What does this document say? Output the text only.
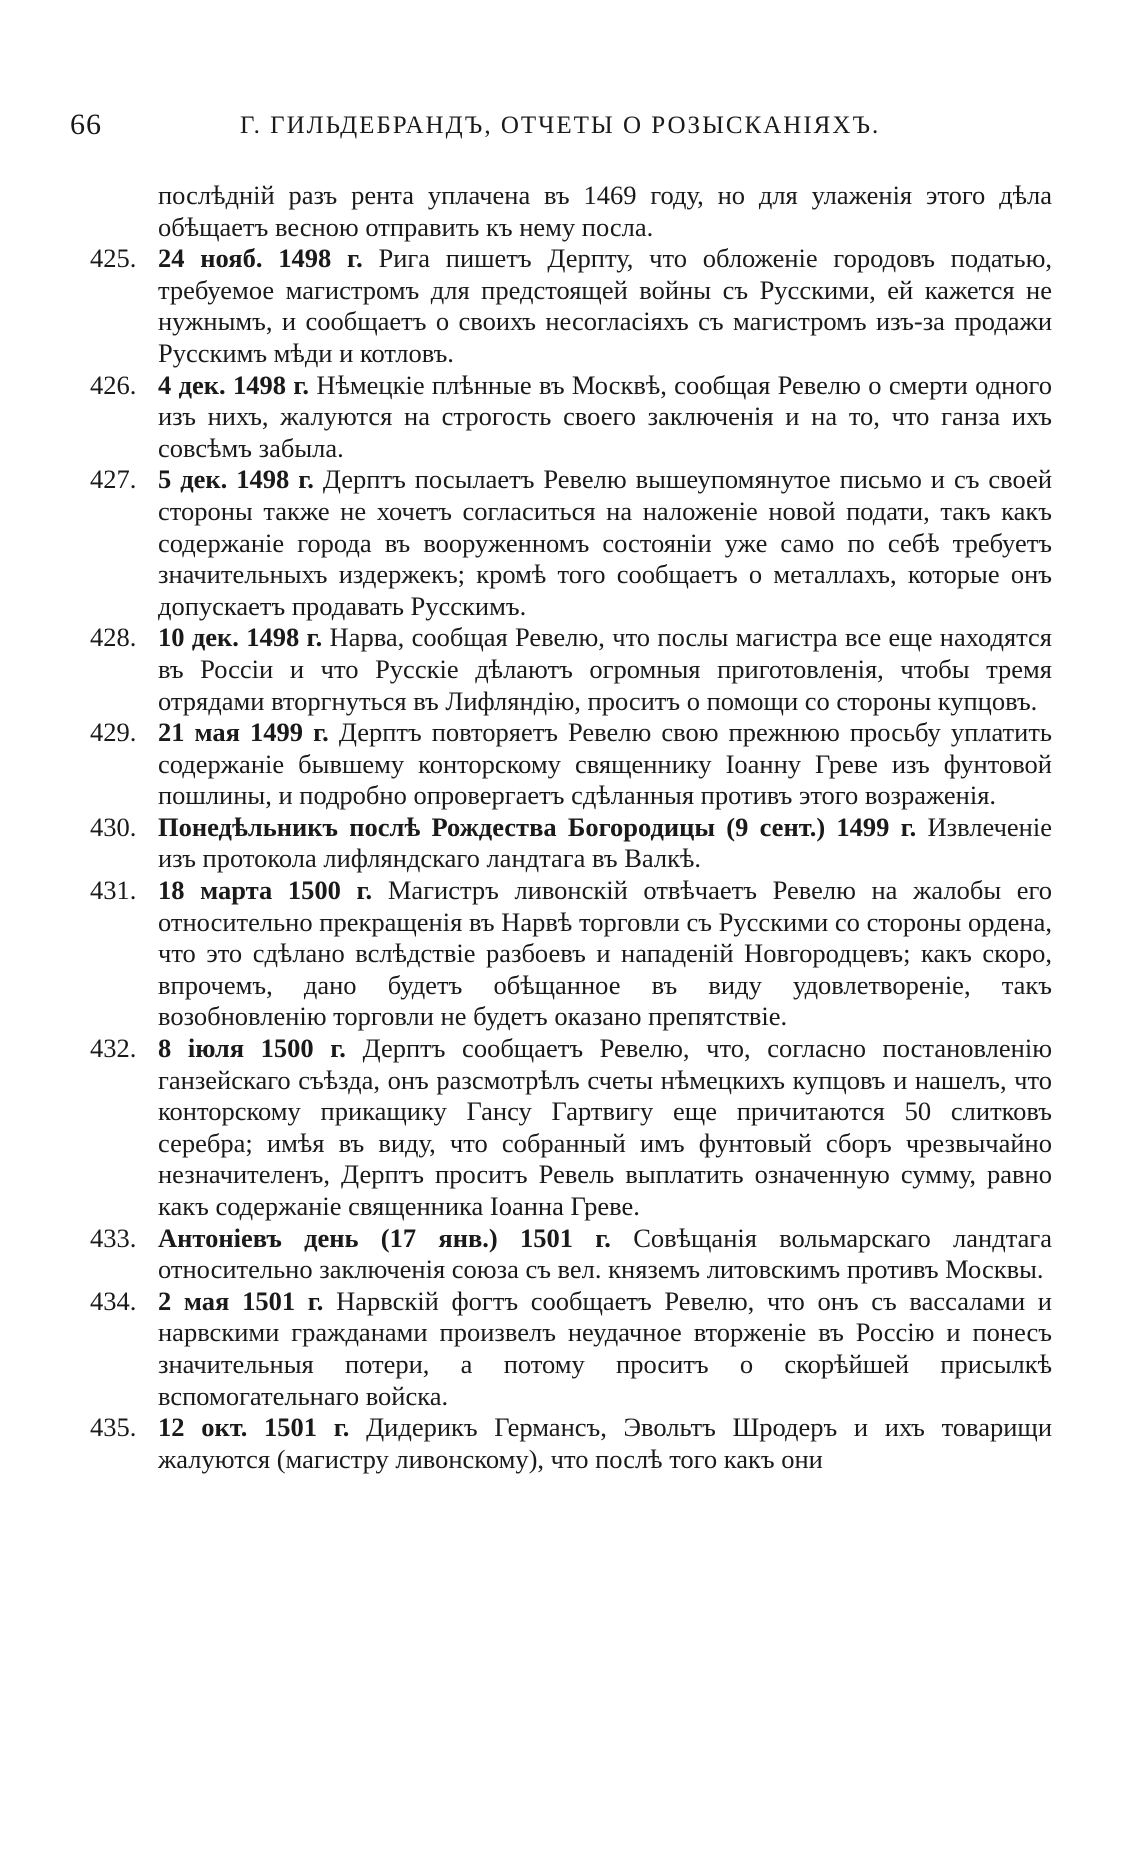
66	Г. ГИЛЬДЕБРАНДЪ, ОТЧЕТЫ О РОЗЫСКАНІЯХЪ.

послѣдній разъ рента уплачена въ 1469 году, но для улаженія этого дѣла обѣщаетъ весною отправить къ нему посла.

425. 24 нояб. 1498 г. Рига пишетъ Дерпту, что обложеніе городовъ податью, требуемое магистромъ для предстоящей войны съ Русскими, ей кажется не нужнымъ, и сообщаетъ о своихъ несогласіяхъ съ магистромъ изъ-за продажи Русскимъ мѣди и котловъ.

426. 4 дек. 1498 г. Нѣмецкіе плѣнные въ Москвѣ, сообщая Ревелю о смерти одного изъ нихъ, жалуются на строгость своего заключенія и на то, что ганза ихъ совсѣмъ забыла.

427. 5 дек. 1498 г. Дерптъ посылаетъ Ревелю вышеупомянутое письмо и съ своей стороны также не хочетъ согласиться на наложеніе новой подати, такъ какъ содержаніе города въ вооруженномъ состояніи уже само по себѣ требуетъ значительныхъ издержекъ; кромѣ того сообщаетъ о металлахъ, которые онъ допускаетъ продавать Русскимъ.

428. 10 дек. 1498 г. Нарва, сообщая Ревелю, что послы магистра все еще находятся въ Россіи и что Русскіе дѣлаютъ огромныя приготовленія, чтобы тремя отрядами вторгнуться въ Лифляндію, проситъ о помощи со стороны купцовъ.

429. 21 мая 1499 г. Дерптъ повторяетъ Ревелю свою прежнюю просьбу уплатить содержаніе бывшему конторскому священнику Іоанну Греве изъ фунтовой пошлины, и подробно опровергаетъ сдѣланныя противъ этого возраженія.

430. Понедѣльникъ послѣ Рождества Богородицы (9 сент.) 1499 г. Извлеченіе изъ протокола лифляндскаго ландтага въ Валкѣ.

431. 18 марта 1500 г. Магистръ ливонскій отвѣчаетъ Ревелю на жалобы его относительно прекращенія въ Нарвѣ торговли съ Русскими со стороны ордена, что это сдѣлано вслѣдствіе разбоевъ и нападеній Новгородцевъ; какъ скоро, впрочемъ, дано будетъ обѣщанное въ виду удовлетвореніе, такъ возобновленію торговли не будетъ оказано препятствіе.

432. 8 іюля 1500 г. Дерптъ сообщаетъ Ревелю, что, согласно постановленію ганзейскаго съѣзда, онъ разсмотрѣлъ счеты нѣмецкихъ купцовъ и нашелъ, что конторскому прикащику Гансу Гартвигу еще причитаются 50 слитковъ серебра; имѣя въ виду, что собранный имъ фунтовый сборъ чрезвычайно незначителенъ, Дерптъ проситъ Ревель выплатить означенную сумму, равно какъ содержаніе священника Іоанна Греве.

433. Антоніевъ день (17 янв.) 1501 г. Совѣщанія вольмарскаго ландтага относительно заключенія союза съ вел. княземъ литовскимъ противъ Москвы.

434. 2 мая 1501 г. Нарвскій фогтъ сообщаетъ Ревелю, что онъ съ вассалами и нарвскими гражданами произвелъ неудачное вторженіе въ Россію и понесъ значительныя потери, а потому проситъ о скорѣйшей присылкѣ вспомогательнаго войска.

435. 12 окт. 1501 г. Дидерикъ Германсъ, Эвольтъ Шродеръ и ихъ товарищи жалуются (магистру ливонскому), что послѣ того какъ они
